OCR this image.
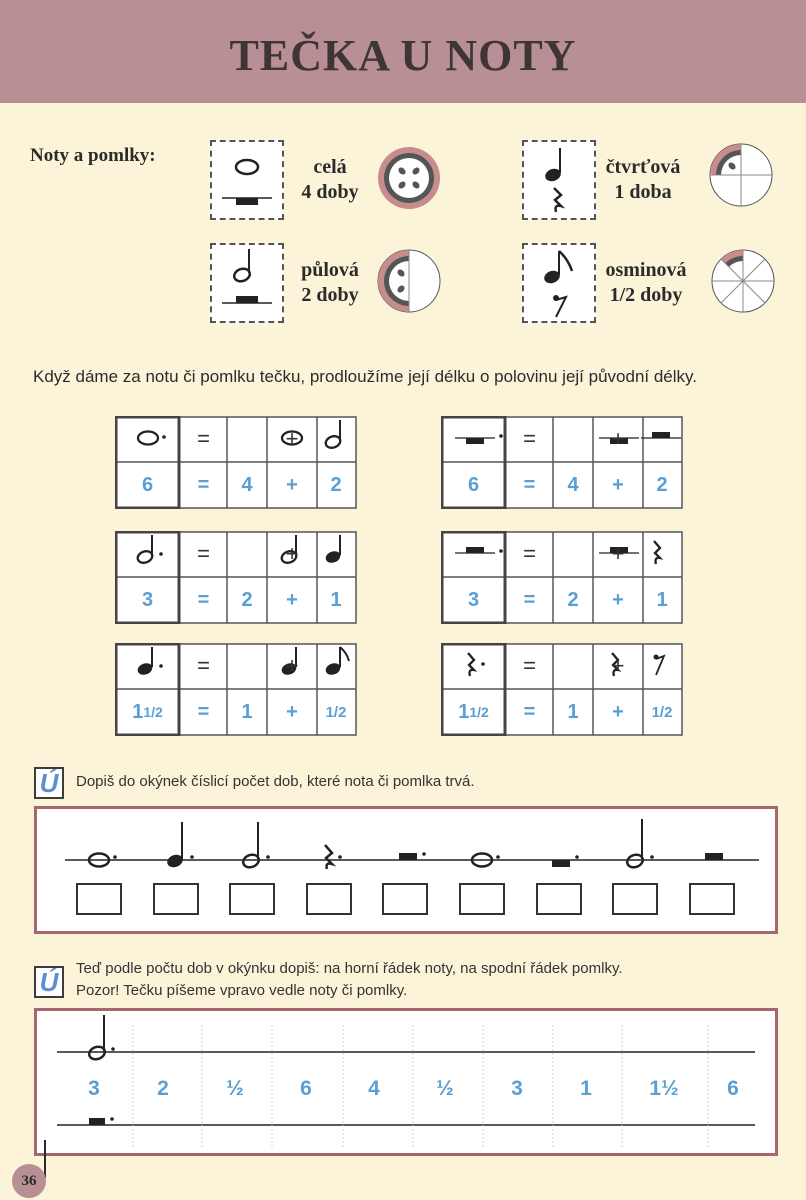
TEČKA U NOTY
Noty a pomlky:
celá
4 doby
čtvrťová
1 doba
půlová
2 doby
osminová
1/2 doby
Když dáme za notu či pomlku tečku, prodloužíme její délku o polovinu její původní délky.
=	+
6	=	4	+	2
=	+
6	=	4	+	2
=	+
3	=	2	+	1
=	+
3	=	2	+	1
=	+
1 1/2	=	1	+	1/2
=	+
1 1/2	=	1	+	1/2
Ú	Dopiš do okýnek číslicí počet dob, které nota či pomlka trvá.
Ú	Teď podle počtu dob v okýnku dopiš: na horní řádek noty, na spodní řádek pomlky.
Pozor! Tečku píšeme vpravo vedle noty či pomlky.
3	2	½	6	4	½	3	1	1½	6
36
